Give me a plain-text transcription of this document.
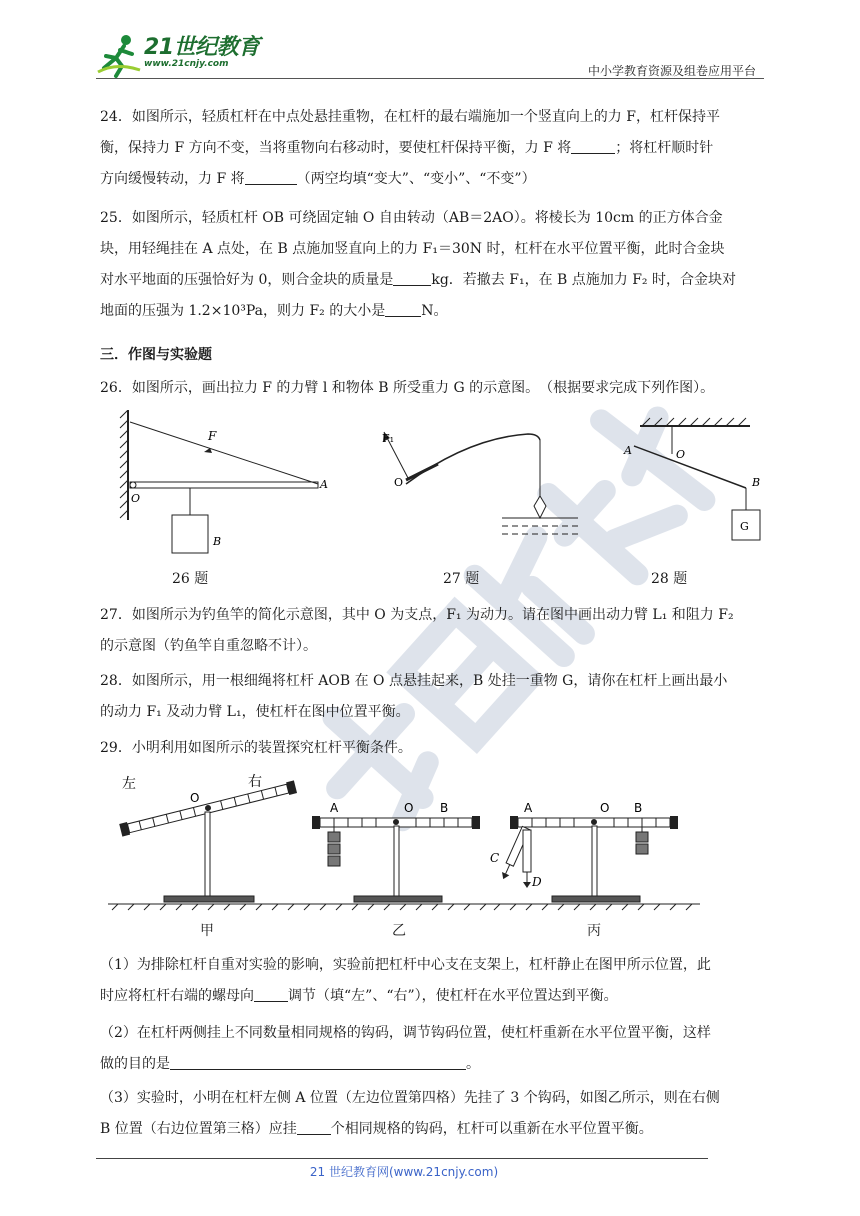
21世纪教育
www.21cnjy.com	中小学教育资源及组卷应用平台
24．如图所示，轻质杠杆在中点处悬挂重物，在杠杆的最右端施加一个竖直向上的力 F，杠杆保持平
衡，保持力 F 方向不变，当将重物向右移动时，要使杠杆保持平衡，力 F 将	；将杠杆顺时针
方向缓慢转动，力 F 将	（两空均填“变大”、“变小”、“不变”）
25．如图所示，轻质杠杆 OB 可绕固定轴 O 自由转动（AB＝2AO）。将棱长为 10cm 的正方体合金
块，用轻绳挂在 A 点处，在 B 点施加竖直向上的力 F₁＝30N 时，杠杆在水平位置平衡，此时合金块
对水平地面的压强恰好为 0，则合金块的质量是	kg．若撤去 F₁，在 B 点施加力 F₂ 时，合金块对
地面的压强为 1.2×10³Pa，则力 F₂ 的大小是	N。
三．作图与实验题
26．如图所示，画出拉力 F 的力臂 l 和物体 B 所受重力 G 的示意图。　（根据要求完成下列作图）。
F
O
A
B
26 题
F₁
O
27 题
A	O
B
G
28 题
27．如图所示为钓鱼竿的简化示意图，其中 O 为支点，F₁ 为动力。请在图中画出动力臂 L₁ 和阻力 F₂
的示意图（钓鱼竿自重忽略不计）。
28．如图所示，用一根细绳将杠杆 AOB 在 O 点悬挂起来，B 处挂一重物 G，请你在杠杆上画出最小
的动力 F₁ 及动力臂 L₁，使杠杆在图中位置平衡。
29．小明利用如图所示的装置探究杠杆平衡条件。
左	右
O
甲
A	O B
乙
A	O B
C
D
丙
（1）为排除杠杆自重对实验的影响，实验前把杠杆中心支在支架上，杠杆静止在图甲所示位置，此
时应将杠杆右端的螺母向 调节（填“左”、“右”），使杠杆在水平位置达到平衡。
（2）在杠杆两侧挂上不同数量相同规格的钩码，调节钩码位置，使杠杆重新在水平位置平衡，这样
做的目的是	。
（3）实验时，小明在杠杆左侧 A 位置（左边位置第四格）先挂了 3 个钩码，如图乙所示，则在右侧
B 位置（右边位置第三格）应挂 个相同规格的钩码，杠杆可以重新在水平位置平衡。
21 世纪教育网(www.21cnjy.com)
